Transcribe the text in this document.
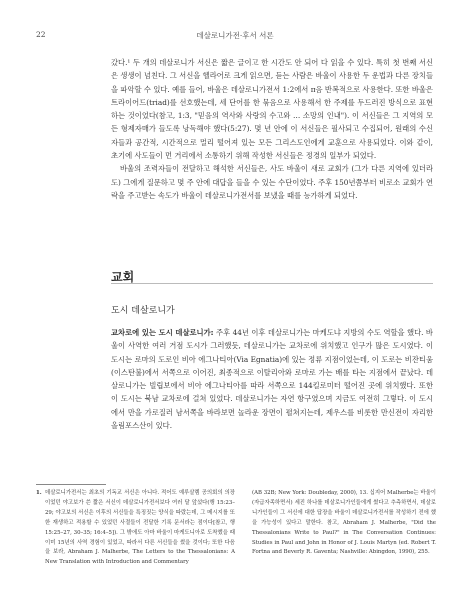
22	데살로니가전·후서 서론

갔다.¹ 두 개의 데살로니가 서신은 짧은 글이고 한 시간도 안 되어 다 읽을 수 있다. 특히 첫 번째 서신은 생생이 넘친다. 그 서신을 헬라어로 크게 읽으면, 듣는 사람은 바울이 사용한 두 운법과 다른 장치들을 파악할 수 있다. 예를 들어, 바울은 데살로니가전서 1:2에서 π음 반복적으로 사용한다. 또한 바울은 트라이어드(triad)를 선호했는데, 세 단어를 한 묶음으로 사용해서 한 주제를 두드러진 방식으로 표현하는 것이었다(참고, 1:3, "믿음의 역사와 사랑의 수고와 … 소망의 인내"). 이 서신들은 그 지역의 모든 형제자매가 들도록 낭독해야 했다(5:27). 몇 년 안에 이 서신들은 필사되고 수집되어, 원래의 수신자들과 공간적, 시간적으로 멀리 떨어져 있는 모든 그리스도인에게 교훈으로 사용되었다. 이와 같이, 초기에 사도들이 먼 거리에서 소통하기 위해 작성한 서신들은 정경의 일부가 되었다.

바울의 조력자들이 전달하고 해석한 서신들은, 사도 바울이 새로 교회가 (그가 다른 지역에 있더라도) 그에게 질문하고 몇 주 안에 대답을 들을 수 있는 수단이었다. 주후 150년쯤부터 비로소 교회가 연락을 주고받는 속도가 바울이 데살로니가전서를 보냈을 때를 능가하게 되었다.

교회
도시 데살로니가

교차로에 있는 도시 데살로니가: 주후 44년 이후 데살로니가는 마케도냐 지방의 수도 역할을 했다. 바울이 사역한 여러 거점 도시가 그러했듯, 데살로니가는 교차로에 위치했고 인구가 많은 도시였다. 이 도시는 로마의 도로인 비아 에그나티아(Via Egnatia)에 있는 정류 지점이었는데, 이 도로는 비잔티움(이스탄불)에서 서쪽으로 이어진, 최종적으로 이탈리아와 로마로 가는 배를 타는 지점에서 끝났다. 데살로니가는 빌립보에서 비아 에그나티아를 따라 서쪽으로 144킬로미터 떨어진 곳에 위치했다. 또한 이 도시는 북남 교차로에 걸쳐 있었다. 데살로니가는 자연 항구였으며 지금도 여전히 그렇다. 이 도시에서 만을 가로질러 남서쪽을 바라보면 놀라운 장면이 펼쳐지는데, 제우스를 비롯한 만신전이 자리한 올림포스산이 있다.

1. 데살로니가전서는 최초의 기독교 서신은 아니다. 적어도 예루살렘 공의회의 의장이었던 야고보가 쓴 짧은 서신이 데살로니가전서보다 여러 달 앞섰다(행 15:23–29; 야고보의 서신은 이후의 서신들을 특징짓는 양식을 따랐는데, 그 메시지를 또한 재생하고 적용할 수 있었던 사절들이 전달한 기록 문서라는 점이다[참고, 행 15:25–27, 30–35; 16:4–5]). 그 밖에도 아마 바울이 마케도니아로 도착했을 때 이미 15년의 사역 경험이 있었고, 따라서 다른 서신들을 썼을 것이다; 또한 다음을 보라, Abraham J. Malherbe, The Letters to the Thessalonians: A New Translation with Introduction and Commentary

(AB 32B; New York: Doubleday, 2000), 13. 십지어 Malherbe는 바울이 (자급자족하면서) 세진 하나를 데살로니가인들에게 썼다고 추측하면서, 데살로니가인들이 그 서신에 대한 답장을 바울이 데살로니가전서를 작성하기 전에 했을 가능성이 있다고 말한다. 참고, Abraham J. Malherbe, "Did the Thessalonians Write to Paul?" in The Conversation Continues: Studies in Paul and John in Honor of J. Louis Martyn (ed. Robert T. Fortna and Beverly R. Gaventa; Nashville: Abingdon, 1990), 255.
